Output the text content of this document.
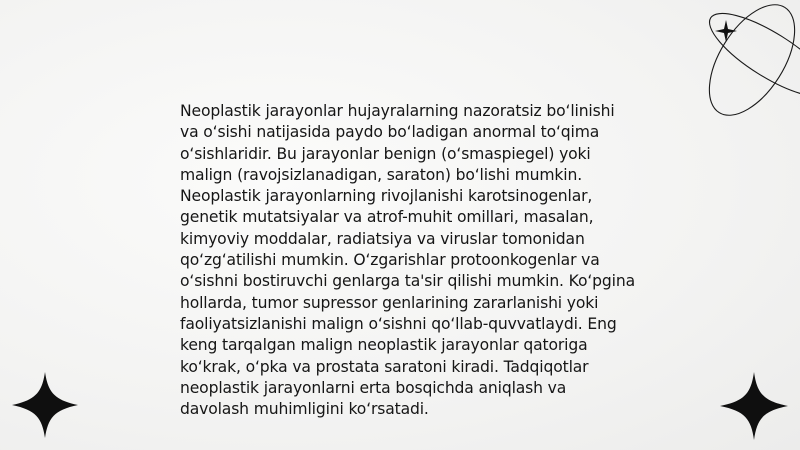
Neoplastik jarayonlar hujayralarning nazoratsiz bo‘linishi va o‘sishi natijasida paydo bo‘ladigan anormal to‘qima o‘sishlaridir. Bu jarayonlar benign (o‘smaspiegel) yoki malign (ravojsizlanadigan, saraton) bo‘lishi mumkin. Neoplastik jarayonlarning rivojlanishi karotsinogenlar, genetik mutatsiyalar va atrof-muhit omillari, masalan, kimyoviy moddalar, radiatsiya va viruslar tomonidan qo‘zg‘atilishi mumkin. O‘zgarishlar protoonkogenlar va o‘sishni bostiruvchi genlarga ta'sir qilishi mumkin. Ko‘pgina hollarda, tumor supressor genlarining zararlanishi yoki faoliyatsizlanishi malign o‘sishni qo‘llab-quvvatlaydi. Eng keng tarqalgan malign neoplastik jarayonlar qatoriga ko‘krak, o‘pka va prostata saratoni kiradi. Tadqiqotlar neoplastik jarayonlarni erta bosqichda aniqlash va davolash muhimligini ko‘rsatadi.
